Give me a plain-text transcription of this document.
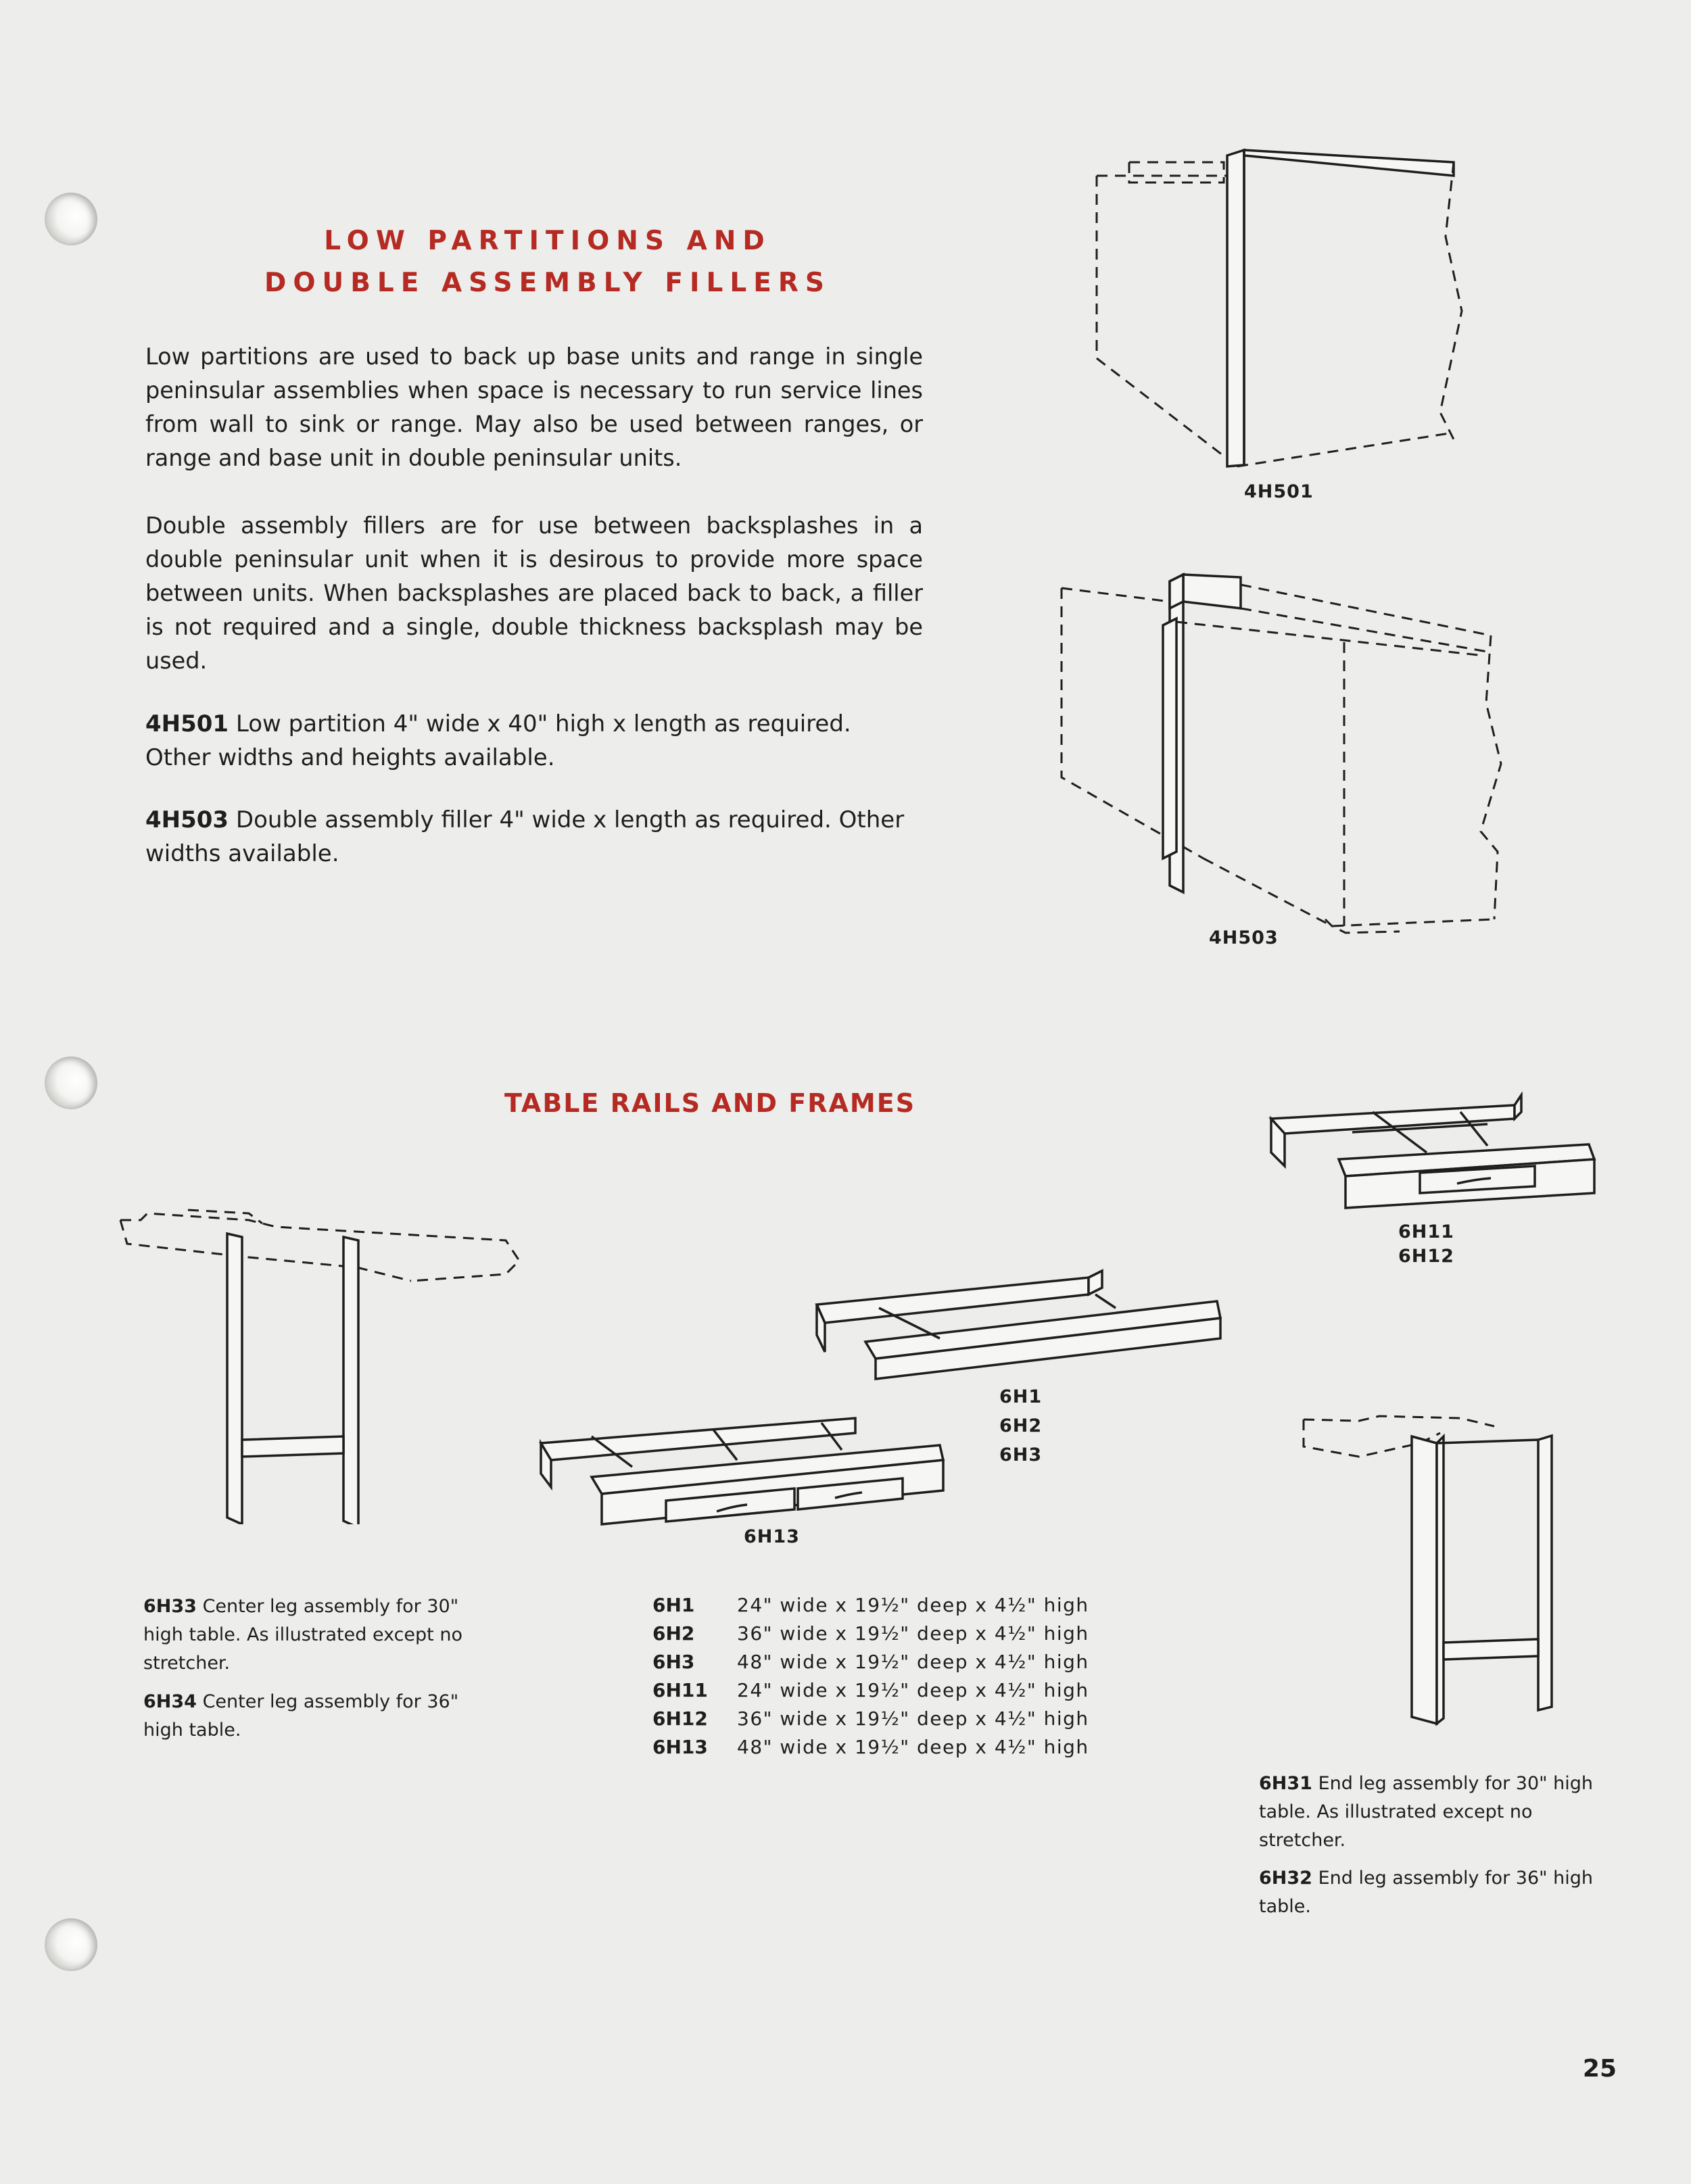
LOW PARTITIONS AND
DOUBLE ASSEMBLY FILLERS
Low partitions are used to back up base units and range in single peninsular assemblies when space is necessary to run service lines from wall to sink or range. May also be used between ranges, or range and base unit in double peninsular units.
Double assembly fillers are for use between backsplashes in a double peninsular unit when it is desirous to provide more space between units. When backsplashes are placed back to back, a filler is not required and a single, double thickness backsplash may be used.
4H501 Low partition 4" wide x 40" high x length as required. Other widths and heights available.
4H503 Double assembly filler 4" wide x length as required. Other widths available.
4H501
4H503
TABLE RAILS AND FRAMES
6H11
6H12
6H1
6H2
6H3
6H13
6H33 Center leg assembly for 30" high table. As illustrated except no stretcher.
6H34 Center leg assembly for 36" high table.
6H1	24" wide x 19½" deep x 4½" high
6H2	36" wide x 19½" deep x 4½" high
6H3	48" wide x 19½" deep x 4½" high
6H11	24" wide x 19½" deep x 4½" high
6H12	36" wide x 19½" deep x 4½" high
6H13	48" wide x 19½" deep x 4½" high
6H31 End leg assembly for 30" high table. As illustrated except no stretcher.
6H32 End leg assembly for 36" high table.
25
